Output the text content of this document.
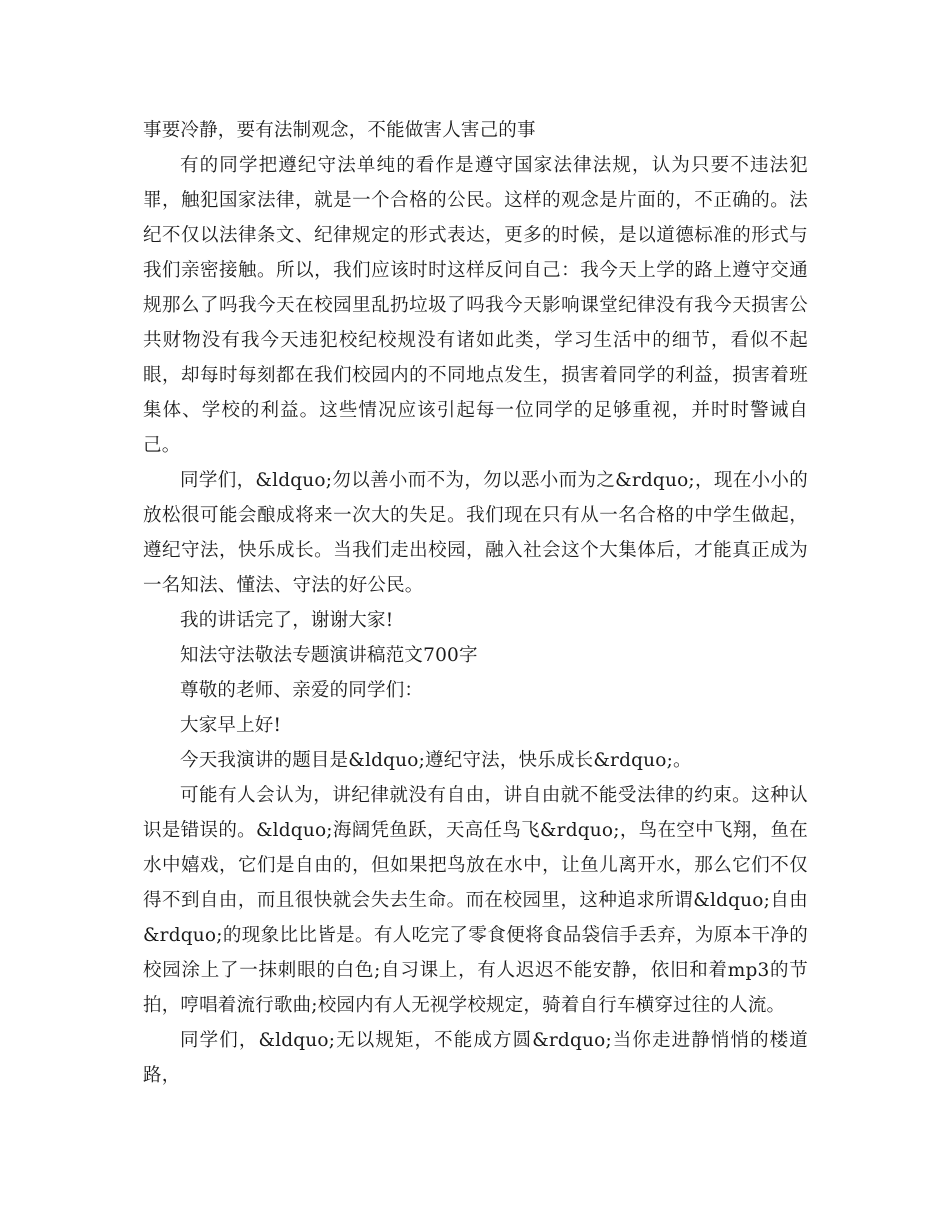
事要冷静，要有法制观念，不能做害人害己的事

有的同学把遵纪守法单纯的看作是遵守国家法律法规，认为只要不违法犯罪，触犯国家法律，就是一个合格的公民。这样的观念是片面的，不正确的。法纪不仅以法律条文、纪律规定的形式表达，更多的时候，是以道德标准的形式与我们亲密接触。所以，我们应该时时这样反问自己：我今天上学的路上遵守交通规那么了吗我今天在校园里乱扔垃圾了吗我今天影响课堂纪律没有我今天损害公共财物没有我今天违犯校纪校规没有诸如此类，学习生活中的细节，看似不起眼，却每时每刻都在我们校园内的不同地点发生，损害着同学的利益，损害着班集体、学校的利益。这些情况应该引起每一位同学的足够重视，并时时警诫自己。

同学们，&ldquo;勿以善小而不为，勿以恶小而为之&rdquo;，现在小小的放松很可能会酿成将来一次大的失足。我们现在只有从一名合格的中学生做起，遵纪守法，快乐成长。当我们走出校园，融入社会这个大集体后，才能真正成为一名知法、懂法、守法的好公民。

我的讲话完了，谢谢大家!

知法守法敬法专题演讲稿范文700字

尊敬的老师、亲爱的同学们：

大家早上好!

今天我演讲的题目是&ldquo;遵纪守法，快乐成长&rdquo;。

可能有人会认为，讲纪律就没有自由，讲自由就不能受法律的约束。这种认识是错误的。&ldquo;海阔凭鱼跃，天高任鸟飞&rdquo;，鸟在空中飞翔，鱼在水中嬉戏，它们是自由的，但如果把鸟放在水中，让鱼儿离开水，那么它们不仅得不到自由，而且很快就会失去生命。而在校园里，这种追求所谓&ldquo;自由&rdquo;的现象比比皆是。有人吃完了零食便将食品袋信手丢弃，为原本干净的校园涂上了一抹刺眼的白色;自习课上，有人迟迟不能安静，依旧和着mp3的节拍，哼唱着流行歌曲;校园内有人无视学校规定，骑着自行车横穿过往的人流。

同学们，&ldquo;无以规矩，不能成方圆&rdquo;当你走进静悄悄的楼道路，
